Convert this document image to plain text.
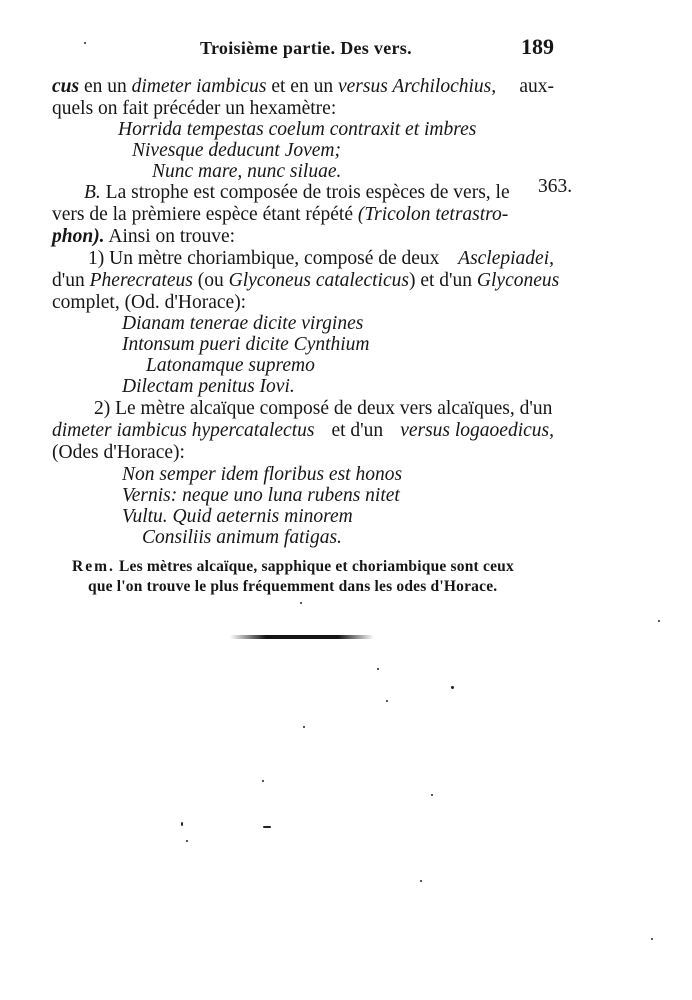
Troisième partie. Des vers.	189
cus en un dimeter iambicus et en un versus Archilochius, aux-
quels on fait précéder un hexamètre:
Horrida tempestas coelum contraxit et imbres
Nivesque deducunt Jovem;
Nunc mare, nunc siluae.
B. La strophe est composée de trois espèces de vers, le	363.
vers de la prèmiere espèce étant répété (Tricolon tetrastro-
phon). Ainsi on trouve:
1) Un mètre choriambique, composé de deux Asclepiadei,
d'un Pherecrateus (ou Glyconeus catalecticus) et d'un Glyconeus
complet, (Od. d'Horace):
Dianam tenerae dicite virgines
Intonsum pueri dicite Cynthium
Latonamque supremo
Dilectam penitus Iovi.
2) Le mètre alcaïque composé de deux vers alcaïques, d'un
dimeter iambicus hypercatalectus et d'un versus logaoedicus,
(Odes d'Horace):
Non semper idem floribus est honos
Vernis: neque uno luna rubens nitet
Vultu. Quid aeternis minorem
Consiliis animum fatigas.
Rem. Les mètres alcaïque, sapphique et choriambique sont ceux
que l'on trouve le plus fréquemment dans les odes d'Horace.
